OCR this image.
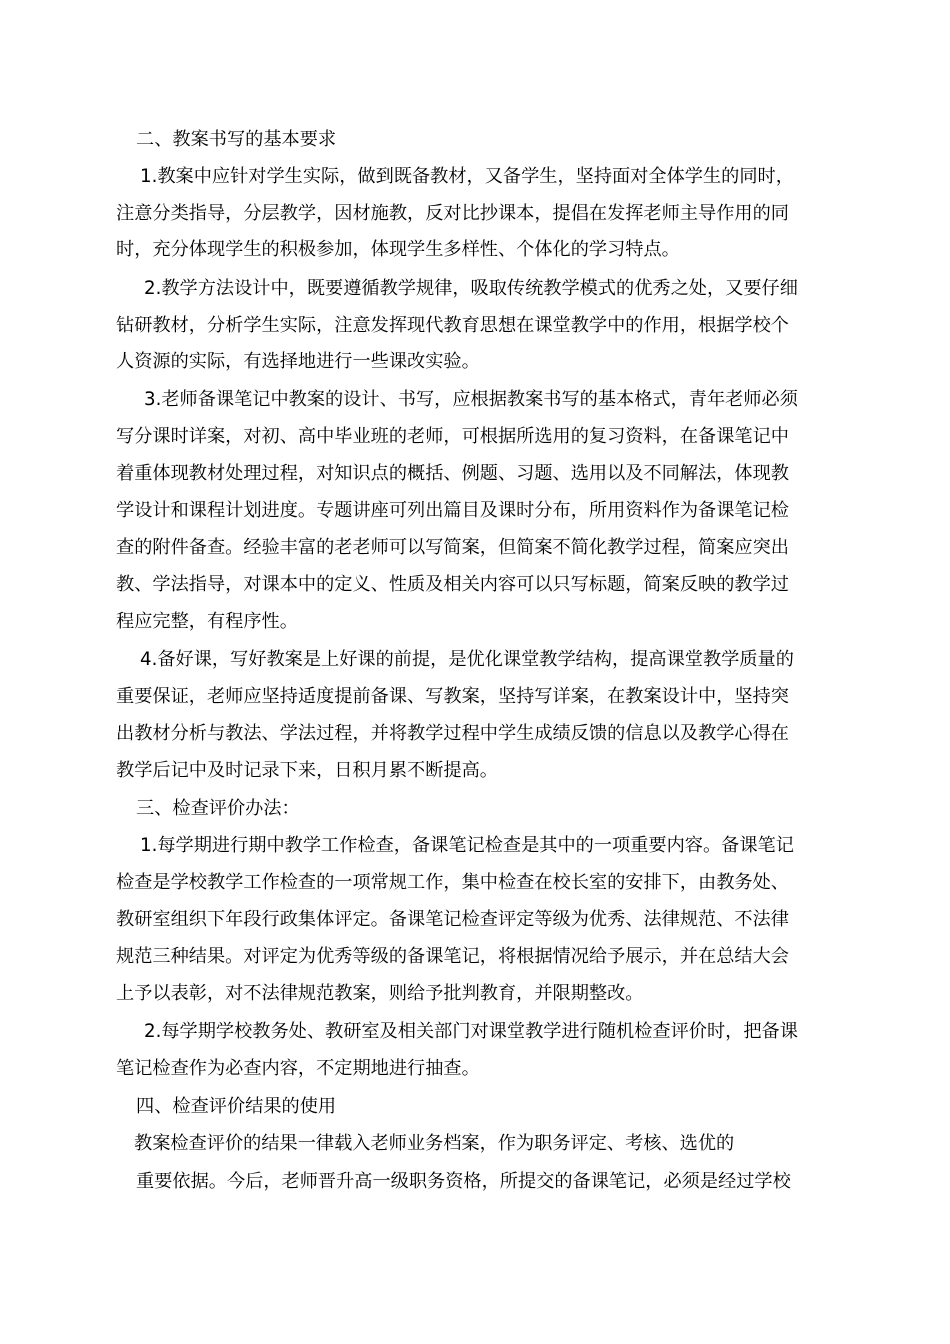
二、教案书写的基本要求
1.教案中应针对学生实际，做到既备教材，又备学生，坚持面对全体学生的同时，
注意分类指导，分层教学，因材施教，反对比抄课本，提倡在发挥老师主导作用的同
时，充分体现学生的积极参加，体现学生多样性、个体化的学习特点。
2.教学方法设计中，既要遵循教学规律，吸取传统教学模式的优秀之处，又要仔细
钻研教材，分析学生实际，注意发挥现代教育思想在课堂教学中的作用，根据学校个
人资源的实际，有选择地进行一些课改实验。
3.老师备课笔记中教案的设计、书写，应根据教案书写的基本格式，青年老师必须
写分课时详案，对初、高中毕业班的老师，可根据所选用的复习资料，在备课笔记中
着重体现教材处理过程，对知识点的概括、例题、习题、选用以及不同解法，体现教
学设计和课程计划进度。专题讲座可列出篇目及课时分布，所用资料作为备课笔记检
查的附件备查。经验丰富的老老师可以写简案，但简案不简化教学过程，简案应突出
教、学法指导，对课本中的定义、性质及相关内容可以只写标题，简案反映的教学过
程应完整，有程序性。
4.备好课，写好教案是上好课的前提，是优化课堂教学结构，提高课堂教学质量的
重要保证，老师应坚持适度提前备课、写教案，坚持写详案，在教案设计中，坚持突
出教材分析与教法、学法过程，并将教学过程中学生成绩反馈的信息以及教学心得在
教学后记中及时记录下来，日积月累不断提高。
三、检查评价办法：
1.每学期进行期中教学工作检查，备课笔记检查是其中的一项重要内容。备课笔记
检查是学校教学工作检查的一项常规工作，集中检查在校长室的安排下，由教务处、
教研室组织下年段行政集体评定。备课笔记检查评定等级为优秀、法律规范、不法律
规范三种结果。对评定为优秀等级的备课笔记，将根据情况给予展示，并在总结大会
上予以表彰，对不法律规范教案，则给予批判教育，并限期整改。
2.每学期学校教务处、教研室及相关部门对课堂教学进行随机检查评价时，把备课
笔记检查作为必查内容，不定期地进行抽查。
四、检查评价结果的使用
教案检查评价的结果一律载入老师业务档案，作为职务评定、考核、选优的
重要依据。今后，老师晋升高一级职务资格，所提交的备课笔记，必须是经过学校
